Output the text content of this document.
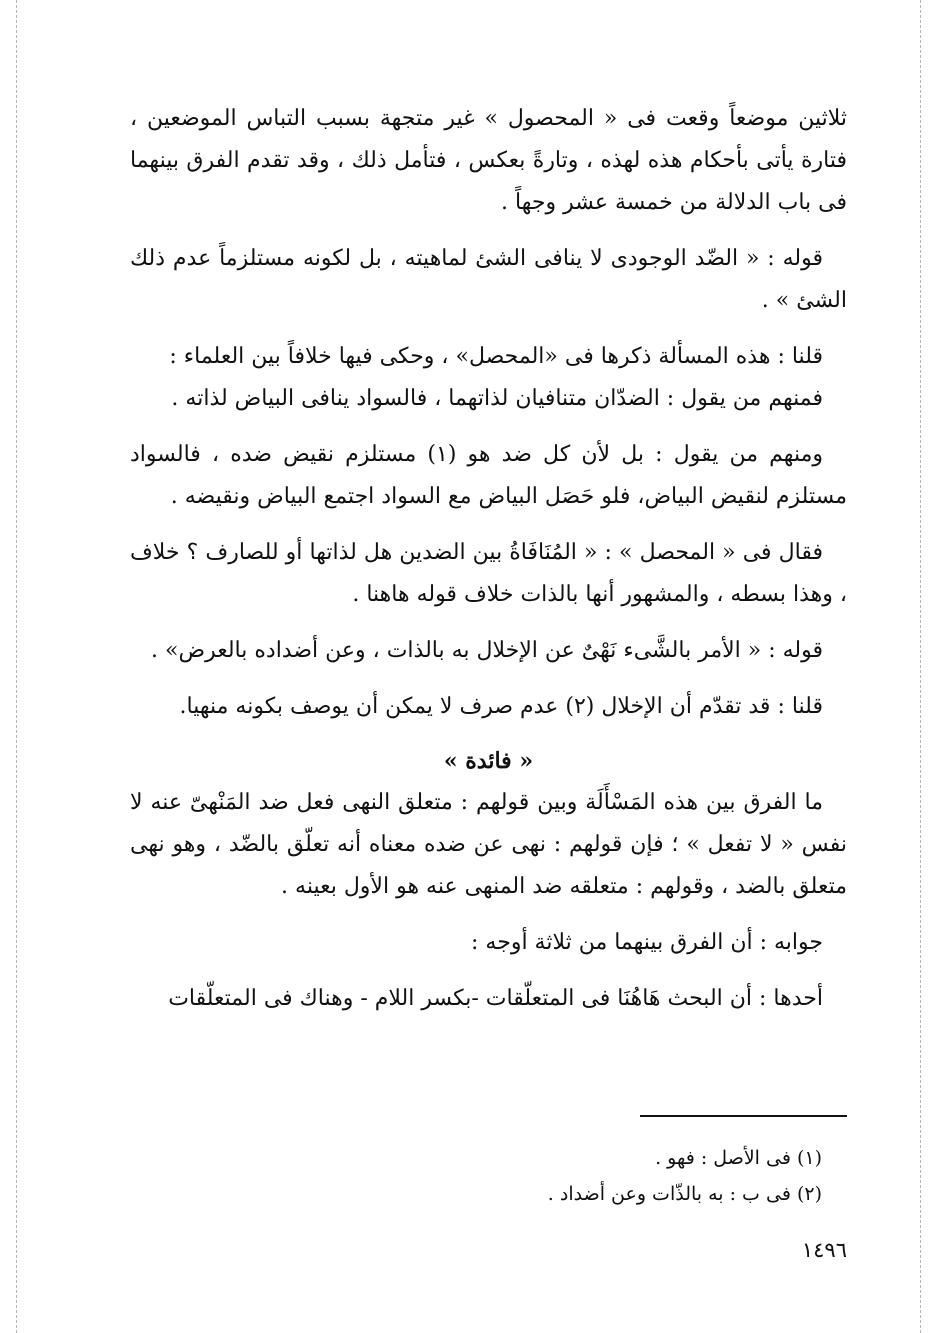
ثلاثين موضعاً وقعت فى « المحصول » غير متجهة بسبب التباس الموضعين ، فتارة يأتى بأحكام هذه لهذه ، وتارةً بعكس ، فتأمل ذلك ، وقد تقدم الفرق بينهما فى باب الدلالة من خمسة عشر وجهاً .

قوله : « الضّد الوجودى لا ينافى الشئ لماهيته ، بل لكونه مستلزماً عدم ذلك الشئ » .

قلنا : هذه المسألة ذكرها فى «المحصل» ، وحكى فيها خلافاً بين العلماء :

فمنهم من يقول : الضدّان متنافيان لذاتهما ، فالسواد ينافى البياض لذاته .

ومنهم من يقول : بل لأن كل ضد هو (١) مستلزم نقيض ضده ، فالسواد مستلزم لنقيض البياض، فلو حَصَل البياض مع السواد اجتمع البياض ونقيضه .

فقال فى « المحصل » : « المُنَافَاةُ بين الضدين هل لذاتها أو للصارف ؟ خلاف ، وهذا بسطه ، والمشهور أنها بالذات خلاف قوله هاهنا .

قوله : « الأمر بالشَّىء نَهْىٌ عن الإخلال به بالذات ، وعن أضداده بالعرض» .

قلنا : قد تقدّم أن الإخلال (٢) عدم صرف لا يمكن أن يوصف بكونه منهيا.

« فائدة »

ما الفرق بين هذه المَسْأَلَة وبين قولهم : متعلق النهى فعل ضد المَنْهىّ عنه لا نفس « لا تفعل » ؛ فإن قولهم : نهى عن ضده معناه أنه تعلّق بالضّد ، وهو نهى متعلق بالضد ، وقولهم : متعلقه ضد المنهى عنه هو الأول بعينه .

جوابه : أن الفرق بينهما من ثلاثة أوجه :

أحدها : أن البحث هَاهُنَا فى المتعلّقات -بكسر اللام - وهناك فى المتعلّقات

(١) فى الأصل : فهو .

(٢) فى ب : به بالذّات وعن أضداد .

١٤٩٦
